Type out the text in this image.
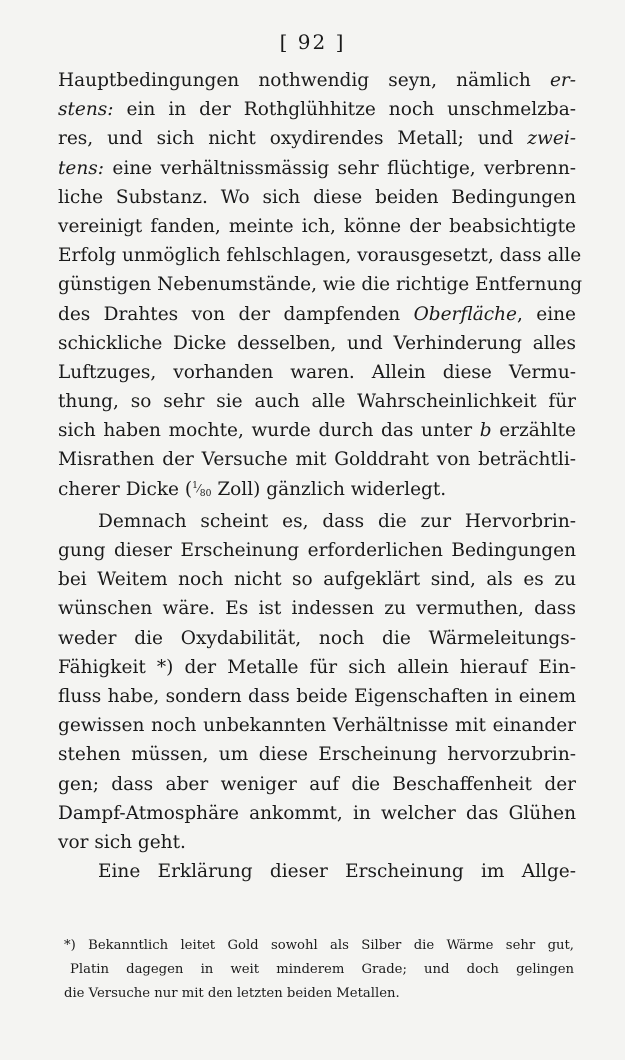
[ 92 ]
Hauptbedingungen nothwendig seyn, nämlich er-
stens: ein in der Rothglühhitze noch unschmelzba-
res, und sich nicht oxydirendes Metall; und zwei-
tens: eine verhältnissmässig sehr flüchtige, verbrenn-
liche Substanz. Wo sich diese beiden Bedingungen
vereinigt fanden, meinte ich, könne der beabsichtigte
Erfolg unmöglich fehlschlagen, vorausgesetzt, dass alle
günstigen Nebenumstände, wie die richtige Entfernung
des Drahtes von der dampfenden Oberfläche, eine
schickliche Dicke desselben, und Verhinderung alles
Luftzuges, vorhanden waren. Allein diese Vermu-
thung, so sehr sie auch alle Wahrscheinlichkeit für
sich haben mochte, wurde durch das unter b erzählte
Misrathen der Versuche mit Golddraht von beträchtli-
cherer Dicke ($^1⁄_{80}$ Zoll) gänzlich widerlegt.
Demnach scheint es, dass die zur Hervorbrin-
gung dieser Erscheinung erforderlichen Bedingungen
bei Weitem noch nicht so aufgeklärt sind, als es zu
wünschen wäre. Es ist indessen zu vermuthen, dass
weder die Oxydabilität, noch die Wärmeleitungs-
Fähigkeit *) der Metalle für sich allein hierauf Ein-
fluss habe, sondern dass beide Eigenschaften in einem
gewissen noch unbekannten Verhältnisse mit einander
stehen müssen, um diese Erscheinung hervorzubrin-
gen; dass aber weniger auf die Beschaffenheit der
Dampf-Atmosphäre ankommt, in welcher das Glühen
vor sich geht.
Eine Erklärung dieser Erscheinung im Allge-
*) Bekanntlich leitet Gold sowohl als Silber die Wärme sehr gut,
Platin dagegen in weit minderem Grade; und doch gelingen
die Versuche nur mit den letzten beiden Metallen.
